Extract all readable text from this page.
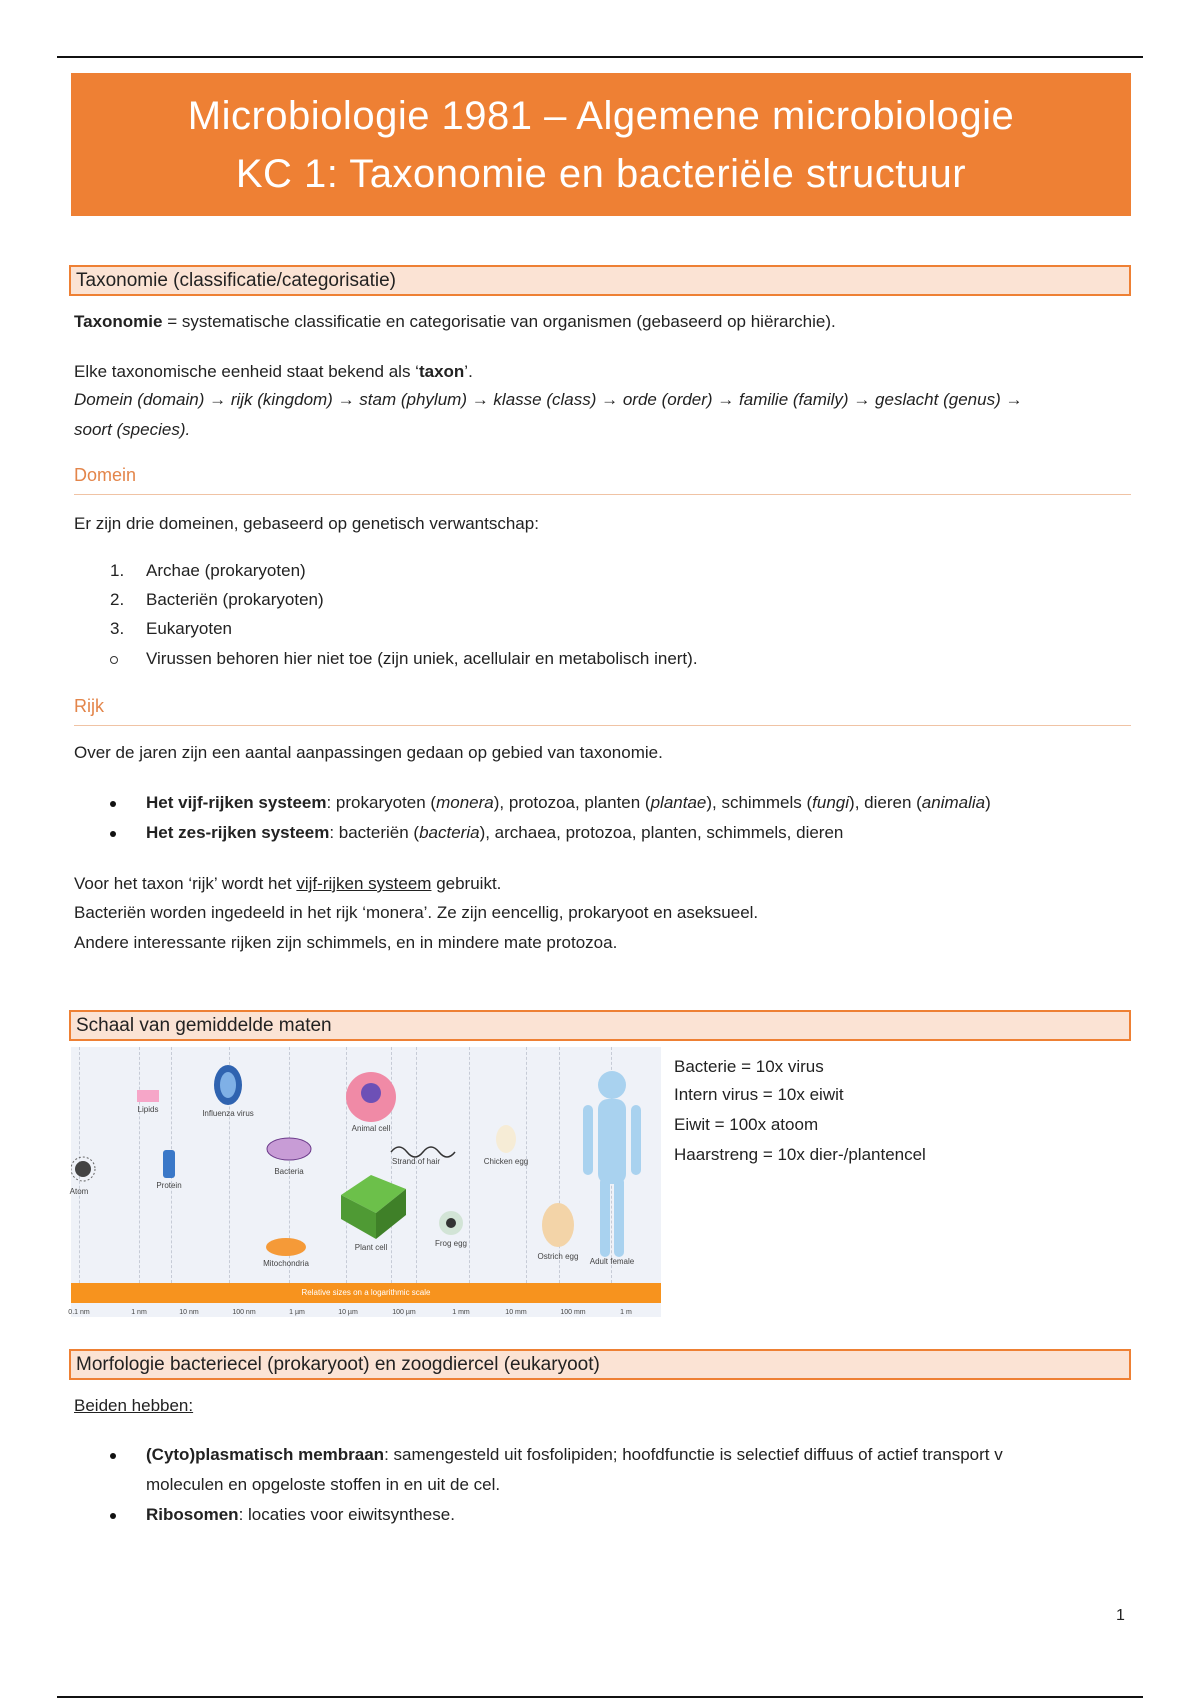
Microbiologie 1981 – Algemene microbiologie
KC 1: Taxonomie en bacteriële structuur
Taxonomie (classificatie/categorisatie)
Taxonomie = systematische classificatie en categorisatie van organismen (gebaseerd op hiërarchie).
Elke taxonomische eenheid staat bekend als ‘taxon’.
Domein (domain) → rijk (kingdom) → stam (phylum) → klasse (class) → orde (order) → familie (family) → geslacht (genus) →
soort (species).
Domein
Er zijn drie domeinen, gebaseerd op genetisch verwantschap:
1.	Archae (prokaryoten)
2.	Bacteriën (prokaryoten)
3.	Eukaryoten
Virussen behoren hier niet toe (zijn uniek, acellulair en metabolisch inert).
Rijk
Over de jaren zijn een aantal aanpassingen gedaan op gebied van taxonomie.
Het vijf-rijken systeem: prokaryoten (monera), protozoa, planten (plantae), schimmels (fungi), dieren (animalia)
Het zes-rijken systeem: bacteriën (bacteria), archaea, protozoa, planten, schimmels, dieren
Voor het taxon ‘rijk’ wordt het vijf-rijken systeem gebruikt.
Bacteriën worden ingedeeld in het rijk ‘monera’. Ze zijn eencellig, prokaryoot en aseksueel.
Andere interessante rijken zijn schimmels, en in mindere mate protozoa.
Schaal van gemiddelde maten
Atom
Lipids
Protein
Influenza virus
Bacteria
Mitochondria
Animal cell
Plant cell
Strand of hair
Frog egg
Chicken egg
Ostrich egg
Adult female
Relative sizes on a logarithmic scale
0.1 nm	1 nm	10 nm	100 nm	1 µm	10 µm	100 µm	1 mm	10 mm	100 mm	1 m
Bacterie = 10x virus
Intern virus = 10x eiwit
Eiwit = 100x atoom
Haarstreng = 10x dier-/plantencel
Morfologie bacteriecel (prokaryoot) en zoogdiercel (eukaryoot)
Beiden hebben:
(Cyto)plasmatisch membraan: samengesteld uit fosfolipiden; hoofdfunctie is selectief diffuus of actief transport v
moleculen en opgeloste stoffen in en uit de cel.
Ribosomen: locaties voor eiwitsynthese.
1
